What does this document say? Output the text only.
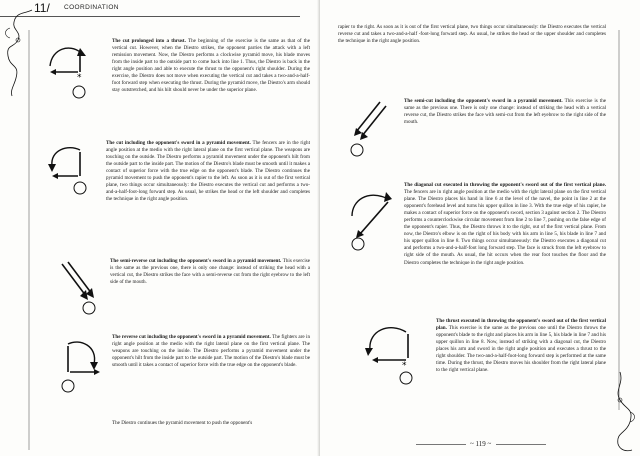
11/ COORDINATION
*

The cut prolonged into a thrust. The beginning of the exercise is the same as that of the vertical cut. However, when the Diestro strikes, the opponent parries the attack with a left remission movement. Now, the Diestro performs a clockwise pyramid move, his blade moves from the inside part to the outside part to come back into line 1. Thus, the Diestro is back in the right angle position and able to execute the thrust to the opponent's right shoulder. During the exercise, the Diestro does not move when executing the vertical cut and takes a two-and-a-half-foot forward step when executing the thrust. During the pyramid move, the Diestro's arm should stay outstretched, and his hilt should never be under the superior plane.

The cut including the opponent's sword in a pyramid movement. The fencers are in the right angle position at the medio with the right lateral plane on the first vertical plane. The weapons are touching on the outside. The Diestro performs a pyramid movement under the opponent's hilt from the outside part to the inside part. The motion of the Diestro's blade must be smooth until it makes a contact of superior force with the true edge on the opponent's blade. The Diestro continues the pyramid movement to push the opponent's rapier to the left. As soon as it is out of the first vertical plane, two things occur simultaneously: the Diestro executes the vertical cut and performs a two-and-a-half-foot-long forward step. As usual, he strikes the head or the left shoulder and completes the technique in the right angle position.

The semi-reverse cut including the opponent's sword in a pyramid movement. This exercise is the same as the previous one, there is only one change: instead of striking the head with a vertical cut, the Diestro strikes the face with a semi-reverse cut from the right eyebrow to the left side of the mouth.

The reverse cut including the opponent's sword in a pyramid movement. The fighters are in right angle position at the medio with the right lateral plane on the first vertical plane. The weapons are touching on the inside. The Diestro performs a pyramid movement under the opponent's hilt from the inside part to the outside part. The motion of the Diestro's blade must be smooth until it takes a contact of superior force with the true edge on the opponent's blade.

The Diestro continues the pyramid movement to push the opponent's

rapier to the right. As soon as it is out of the first vertical plane, two things occur simultaneously: the Diestro executes the vertical reverse cut and takes a two-and-a-half -foot-long forward step. As usual, he strikes the head or the upper shoulder and completes the technique in the right angle position.

The semi-cut including the opponent's sword in a pyramid movement. This exercise is the same as the previous one. There is only one change: instead of striking the head with a vertical reverse cut, the Diestro strikes the face with semi-cut from the left eyebrow to the right side of the mouth.

The diagonal cut executed in throwing the opponent's sword out of the first vertical plane. The fencers are in right angle position at the medio with the right lateral plane on the first vertical plane. The Diestro places his hand in line 6 at the level of the navel, the point in line 2 at the opponent's forehead level and turns his upper quillon in line 3. With the true edge of his rapier, he makes a contact of superior force on the opponent's sword, section 3 against section 2. The Diestro performs a counterclockwise circular movement from line 2 to line 7, pushing on the false edge of the opponent's rapier. Thus, the Diestro throws it to the right, out of the first vertical plane. From now, the Diestro's elbow is on the right of his body with his arm in line 5, his blade in line 7 and his upper quillon in line 8. Two things occur simultaneously: the Diestro executes a diagonal cut and performs a two-and-a-half-foot long forward step. The face is struck from the left eyebrow to right side of the mouth. As usual, the hit occurs when the rear foot touches the floor and the Diestro completes the technique in the right angle position.

*

The thrust executed in throwing the opponent's sword out of the first vertical plan. This exercise is the same as the previous one until the Diestro throws the opponent's blade to the right and places his arm in line 5, his blade in line 7 and his upper quillon in line 8. Now, instead of striking with a diagonal cut, the Diestro places his arm and sword in the right angle position and executes a thrust to the right shoulder. The two-and-a-half-foot-long forward step is performed at the same time. During the thrust, the Diestro moves his shoulder from the right lateral plane to the right vertical plane.

~ 119 ~
